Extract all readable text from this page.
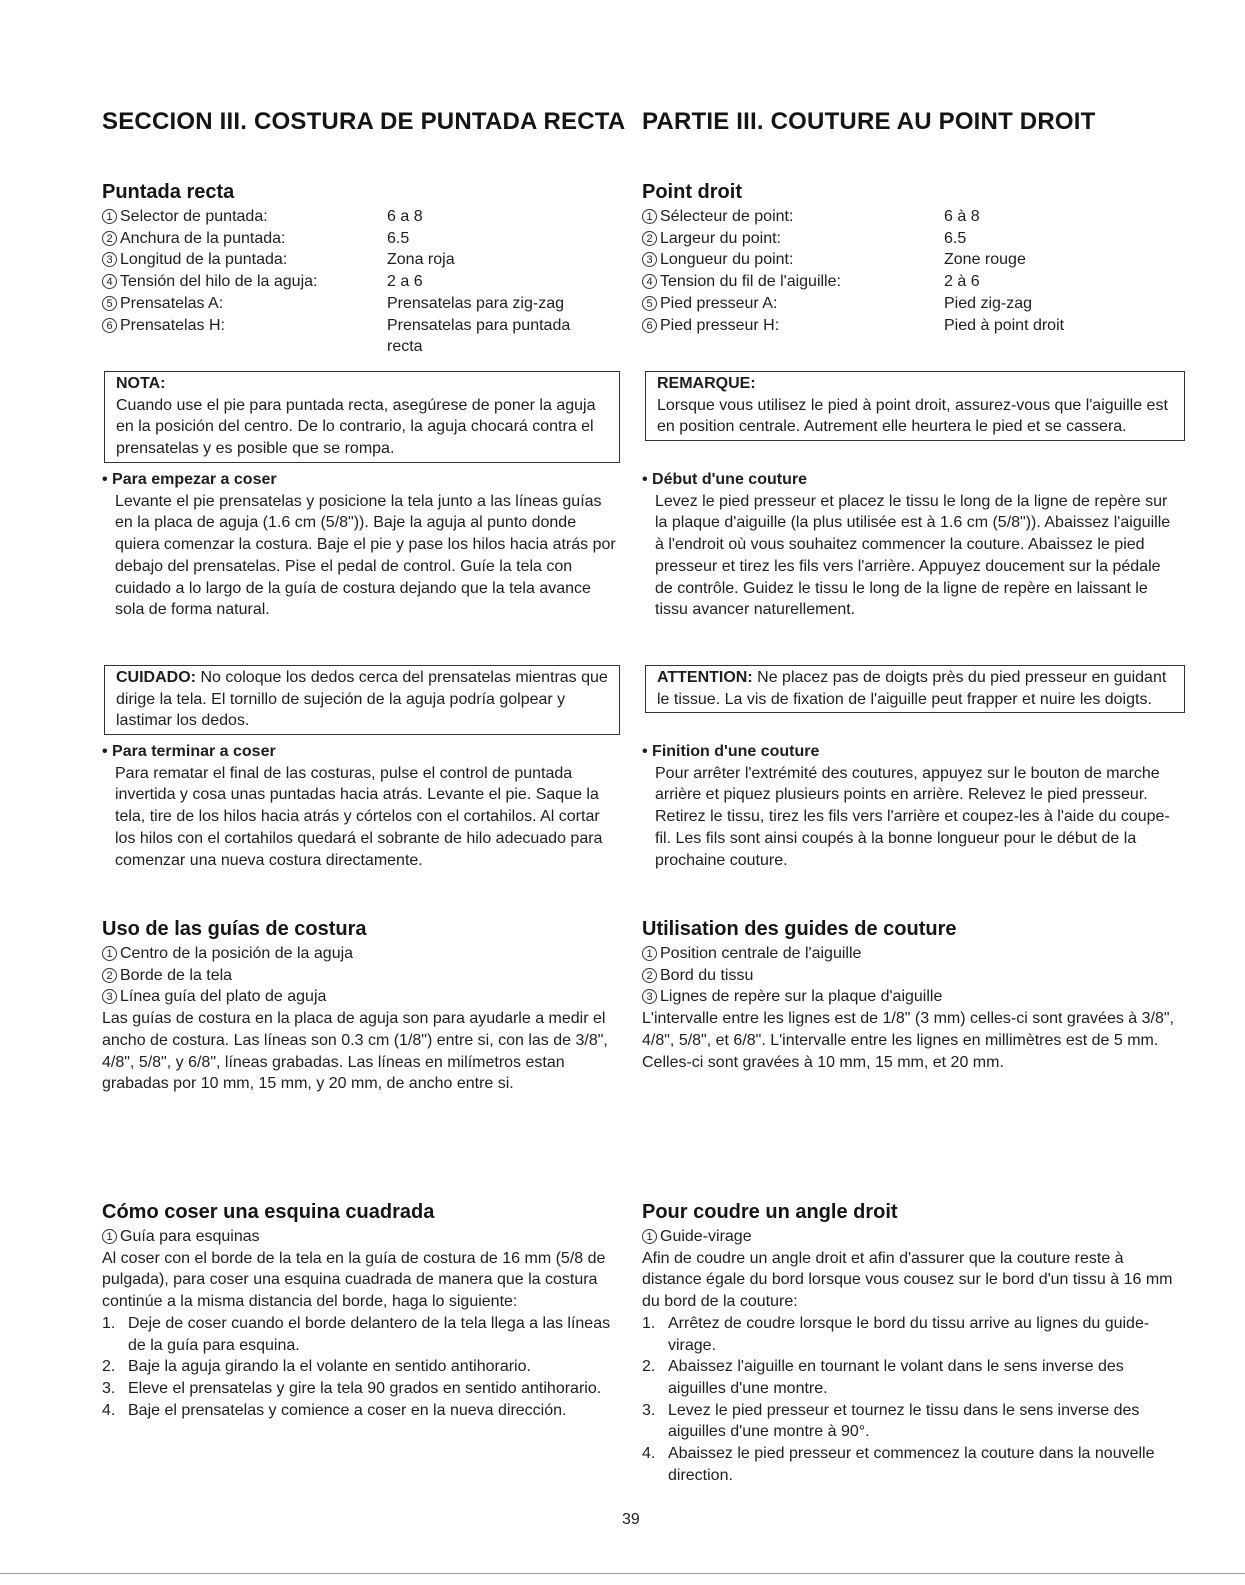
SECCION III. COSTURA DE PUNTADA RECTA PARTIE III. COUTURE AU POINT DROIT
Puntada recta
1 Selector de puntada:	6 a 8
2 Anchura de la puntada:	6.5
3 Longitud de la puntada:	Zona roja
4 Tensión del hilo de la aguja:	2 a 6
5 Prensatelas A:	Prensatelas para zig-zag
6 Prensatelas H:	Prensatelas para puntada recta
NOTA:
Cuando use el pie para puntada recta, asegúrese de poner la aguja en la posición del centro. De lo contrario, la aguja chocará contra el prensatelas y es posible que se rompa.
• Para empezar a coser
Levante el pie prensatelas y posicione la tela junto a las líneas guías en la placa de aguja (1.6 cm (5/8")). Baje la aguja al punto donde quiera comenzar la costura. Baje el pie y pase los hilos hacia atrás por debajo del prensatelas. Pise el pedal de control. Guíe la tela con cuidado a lo largo de la guía de costura dejando que la tela avance sola de forma natural.
CUIDADO: No coloque los dedos cerca del prensatelas mientras que dirige la tela. El tornillo de sujeción de la aguja podría golpear y lastimar los dedos.
• Para terminar a coser
Para rematar el final de las costuras, pulse el control de puntada invertida y cosa unas puntadas hacia atrás. Levante el pie. Saque la tela, tire de los hilos hacia atrás y córtelos con el cortahilos. Al cortar los hilos con el cortahilos quedará el sobrante de hilo adecuado para comenzar una nueva costura directamente.
Uso de las guías de costura
1 Centro de la posición de la aguja
2 Borde de la tela
3 Línea guía del plato de aguja
Las guías de costura en la placa de aguja son para ayudarle a medir el ancho de costura. Las líneas son 0.3 cm (1/8") entre si, con las de 3/8", 4/8", 5/8", y 6/8", líneas grabadas. Las líneas en milímetros estan grabadas por 10 mm, 15 mm, y 20 mm, de ancho entre si.
Cómo coser una esquina cuadrada
1 Guía para esquinas
Al coser con el borde de la tela en la guía de costura de 16 mm (5/8 de pulgada), para coser una esquina cuadrada de manera que la costura continúe a la misma distancia del borde, haga lo siguiente:
1. Deje de coser cuando el borde delantero de la tela llega a las líneas de la guía para esquina.
2. Baje la aguja girando la el volante en sentido antihorario.
3. Eleve el prensatelas y gire la tela 90 grados en sentido antihorario.
4. Baje el prensatelas y comience a coser en la nueva dirección.
Point droit
1 Sélecteur de point:	6 à 8
2 Largeur du point:	6.5
3 Longueur du point:	Zone rouge
4 Tension du fil de l'aiguille:	2 à 6
5 Pied presseur A:	Pied zig-zag
6 Pied presseur H:	Pied à point droit
REMARQUE:
Lorsque vous utilisez le pied à point droit, assurez-vous que l'aiguille est en position centrale. Autrement elle heurtera le pied et se cassera.
• Début d'une couture
Levez le pied presseur et placez le tissu le long de la ligne de repère sur la plaque d'aiguille (la plus utilisée est à 1.6 cm (5/8")). Abaissez l'aiguille à l'endroit où vous souhaitez commencer la couture. Abaissez le pied presseur et tirez les fils vers l'arrière. Appuyez doucement sur la pédale de contrôle. Guidez le tissu le long de la ligne de repère en laissant le tissu avancer naturellement.
ATTENTION: Ne placez pas de doigts près du pied presseur en guidant le tissue. La vis de fixation de l'aiguille peut frapper et nuire les doigts.
• Finition d'une couture
Pour arrêter l'extrémité des coutures, appuyez sur le bouton de marche arrière et piquez plusieurs points en arrière. Relevez le pied presseur. Retirez le tissu, tirez les fils vers l'arrière et coupez-les à l'aide du coupe-fil. Les fils sont ainsi coupés à la bonne longueur pour le début de la prochaine couture.
Utilisation des guides de couture
1 Position centrale de l'aiguille
2 Bord du tissu
3 Lignes de repère sur la plaque d'aiguille
L'intervalle entre les lignes est de 1/8" (3 mm) celles-ci sont gravées à 3/8", 4/8", 5/8", et 6/8". L'intervalle entre les lignes en millimètres est de 5 mm. Celles-ci sont gravées à 10 mm, 15 mm, et 20 mm.
Pour coudre un angle droit
1 Guide-virage
Afin de coudre un angle droit et afin d'assurer que la couture reste à distance égale du bord lorsque vous cousez sur le bord d'un tissu à 16 mm du bord de la couture:
1. Arrêtez de coudre lorsque le bord du tissu arrive au lignes du guide-virage.
2. Abaissez l'aiguille en tournant le volant dans le sens inverse des aiguilles d'une montre.
3. Levez le pied presseur et tournez le tissu dans le sens inverse des aiguilles d'une montre à 90°.
4. Abaissez le pied presseur et commencez la couture dans la nouvelle direction.
39
